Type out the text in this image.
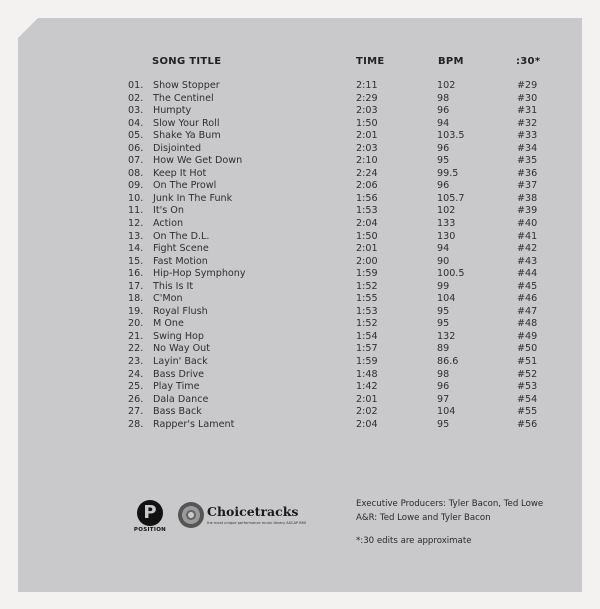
SONG TITLE	TIME	BPM	:30*
01. Show Stopper	2:11	102	#29
02. The Centinel	2:29	98	#30
03. Humpty	2:03	96	#31
04. Slow Your Roll	1:50	94	#32
05. Shake Ya Bum	2:01	103.5	#33
06. Disjointed	2:03	96	#34
07. How We Get Down	2:10	95	#35
08. Keep It Hot	2:24	99.5	#36
09. On The Prowl	2:06	96	#37
10. Junk In The Funk	1:56	105.7	#38
11. It's On	1:53	102	#39
12. Action	2:04	133	#40
13. On The D.L.	1:50	130	#41
14. Fight Scene	2:01	94	#42
15. Fast Motion	2:00	90	#43
16. Hip-Hop Symphony	1:59	100.5	#44
17. This Is It	1:52	99	#45
18. C'Mon	1:55	104	#46
19. Royal Flush	1:53	95	#47
20. M One	1:52	95	#48
21. Swing Hop	1:54	132	#49
22. No Way Out	1:57	89	#50
23. Layin' Back	1:59	86.6	#51
24. Bass Drive	1:48	98	#52
25. Play Time	1:42	96	#53
26. Dala Dance	2:01	97	#54
27. Bass Back	2:02	104	#55
28. Rapper's Lament	2:04	95	#56
P
POSITION
Choicetracks
the most unique performance music library ASCAP BMI
Executive Producers: Tyler Bacon, Ted Lowe
A&R: Ted Lowe and Tyler Bacon
*:30 edits are approximate
